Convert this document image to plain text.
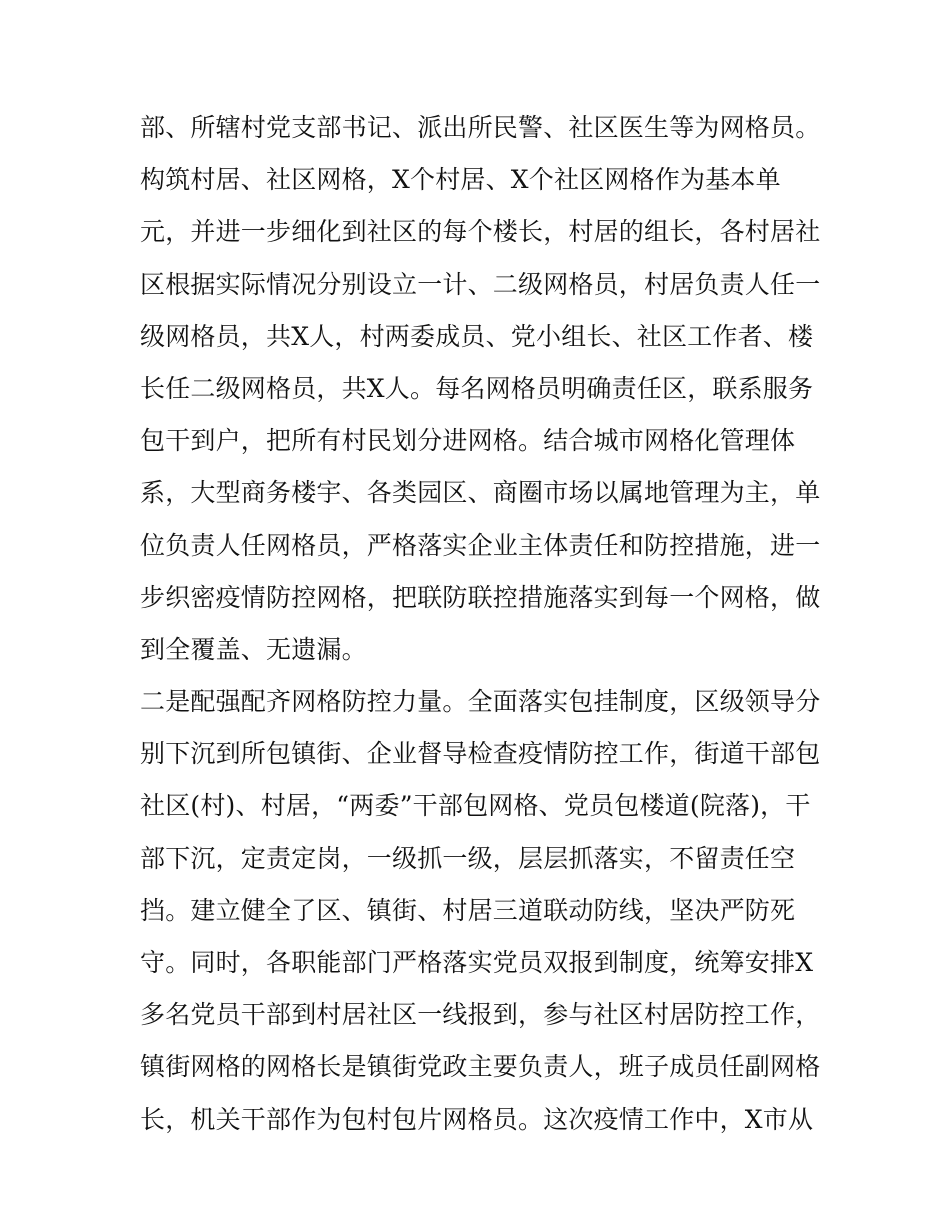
部、所辖村党支部书记、派出所民警、社区医生等为网格员。
构筑村居、社区网格，X个村居、X个社区网格作为基本单
元，并进一步细化到社区的每个楼长，村居的组长，各村居社
区根据实际情况分别设立一计、二级网格员，村居负责人任一
级网格员，共X人，村两委成员、党小组长、社区工作者、楼
长任二级网格员，共X人。每名网格员明确责任区，联系服务
包干到户，把所有村民划分进网格。结合城市网格化管理体
系，大型商务楼宇、各类园区、商圈市场以属地管理为主，单
位负责人任网格员，严格落实企业主体责任和防控措施，进一
步织密疫情防控网格，把联防联控措施落实到每一个网格，做
到全覆盖、无遗漏。
二是配强配齐网格防控力量。全面落实包挂制度，区级领导分
别下沉到所包镇街、企业督导检查疫情防控工作，街道干部包
社区(村)、村居，“两委”干部包网格、党员包楼道(院落)，干
部下沉，定责定岗，一级抓一级，层层抓落实，不留责任空
挡。建立健全了区、镇街、村居三道联动防线，坚决严防死
守。同时，各职能部门严格落实党员双报到制度，统筹安排X
多名党员干部到村居社区一线报到，参与社区村居防控工作，
镇街网格的网格长是镇街党政主要负责人，班子成员任副网格
长，机关干部作为包村包片网格员。这次疫情工作中，X市从
